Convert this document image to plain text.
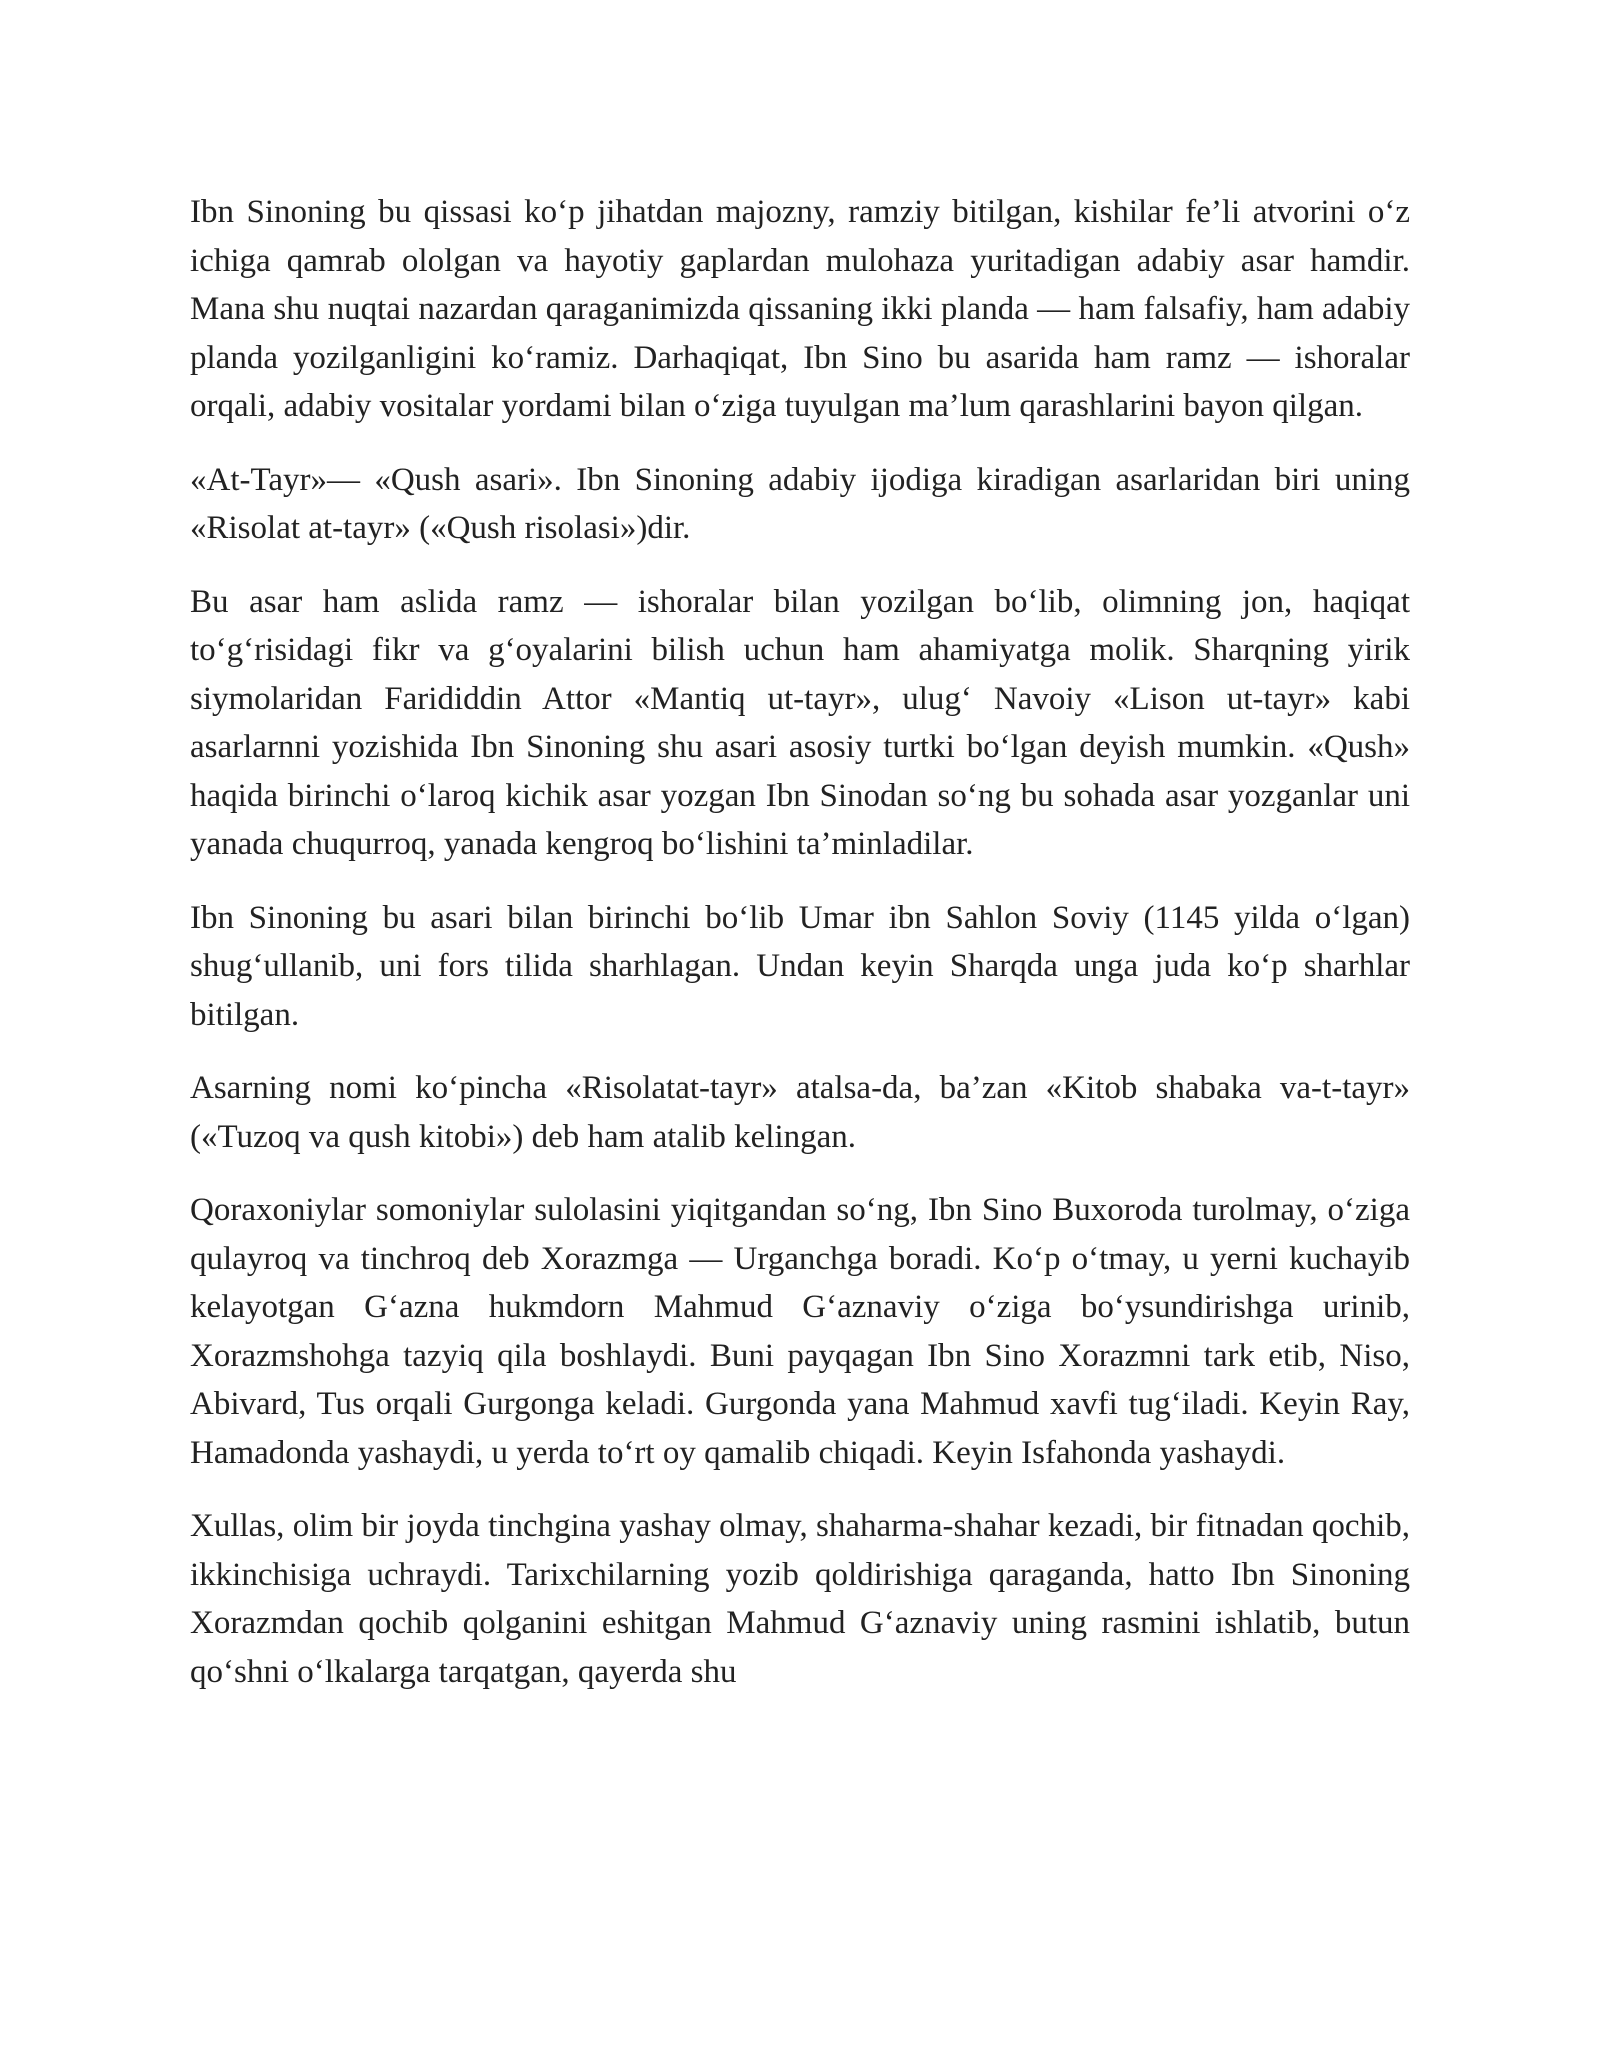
Ibn Sinoning bu qissasi ko‘p jihatdan majozny, ramziy bitilgan, kishilar fe’li atvorini o‘z ichiga qamrab ololgan va hayotiy gaplardan mulohaza yuritadigan adabiy asar hamdir. Mana shu nuqtai nazardan qaraganimizda qissaning ikki planda — ham falsafiy, ham adabiy planda yozilganligini ko‘ramiz. Darhaqiqat, Ibn Sino bu asarida ham ramz — ishoralar orqali, adabiy vositalar yordami bilan o‘ziga tuyulgan ma’lum qarashlarini bayon qilgan.

«At-Tayr»— «Qush asari». Ibn Sinoning adabiy ijodiga kiradigan asarlaridan biri uning «Risolat at-tayr» («Qush risolasi»)dir.

Bu asar ham aslida ramz — ishoralar bilan yozilgan bo‘lib, olimning jon, haqiqat to‘g‘risidagi fikr va g‘oyalarini bilish uchun ham ahamiyatga molik. Sharqning yirik siymolaridan Farididdin Attor «Mantiq ut-tayr», ulug‘ Navoiy «Lison ut-tayr» kabi asarlarnni yozishida Ibn Sinoning shu asari asosiy turtki bo‘lgan deyish mumkin. «Qush» haqida birinchi o‘laroq kichik asar yozgan Ibn Sinodan so‘ng bu sohada asar yozganlar uni yanada chuqurroq, yanada kengroq bo‘lishini ta’minladilar.

Ibn Sinoning bu asari bilan birinchi bo‘lib Umar ibn Sahlon Soviy (1145 yilda o‘lgan) shug‘ullanib, uni fors tilida sharhlagan. Undan keyin Sharqda unga juda ko‘p sharhlar bitilgan.

Asarning nomi ko‘pincha «Risolatat-tayr» atalsa-da, ba’zan «Kitob shabaka va-t-tayr» («Tuzoq va qush kitobi») deb ham atalib kelingan.

Qoraxoniylar somoniylar sulolasini yiqitgandan so‘ng, Ibn Sino Buxoroda turolmay, o‘ziga qulayroq va tinchroq deb Xorazmga — Urganchga boradi. Ko‘p o‘tmay, u yerni kuchayib kelayotgan G‘azna hukmdorn Mahmud G‘aznaviy o‘ziga bo‘ysundirishga urinib, Xorazmshohga tazyiq qila boshlaydi. Buni payqagan Ibn Sino Xorazmni tark etib, Niso, Abivard, Tus orqali Gurgonga keladi. Gurgonda yana Mahmud xavfi tug‘iladi. Keyin Ray, Hamadonda yashaydi, u yerda to‘rt oy qamalib chiqadi. Keyin Isfahonda yashaydi.

Xullas, olim bir joyda tinchgina yashay olmay, shaharma-shahar kezadi, bir fitnadan qochib, ikkinchisiga uchraydi. Tarixchilarning yozib qoldirishiga qaraganda, hatto Ibn Sinoning Xorazmdan qochib qolganini eshitgan Mahmud G‘aznaviy uning rasmini ishlatib, butun qo‘shni o‘lkalarga tarqatgan, qayerda shu
